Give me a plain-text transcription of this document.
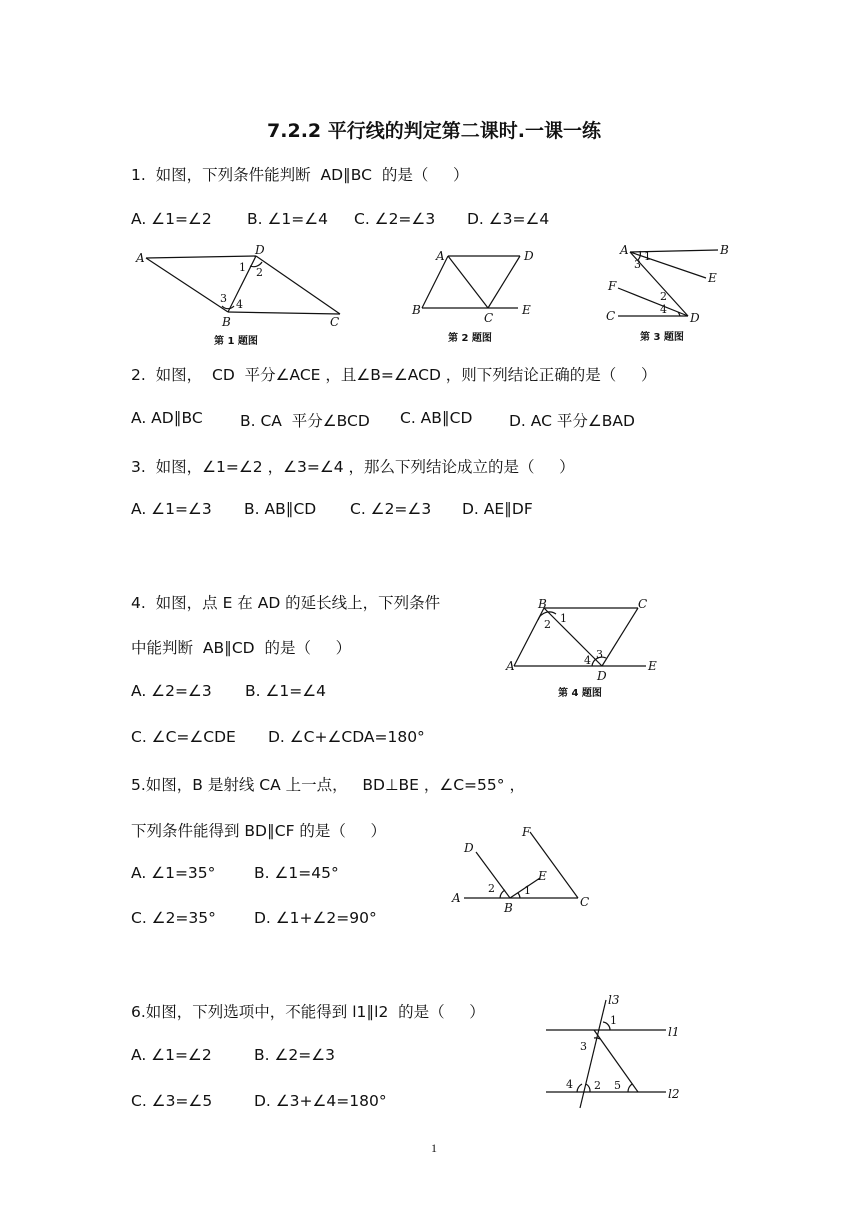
7.2.2 平行线的判定第二课时.一课一练
1.  如图，下列条件能判断  AD∥BC  的是（     ）
A. ∠1=∠2 B. ∠1=∠4 C. ∠2=∠3 D. ∠3=∠4
A
D
B	C
1 2
3 4
第 1 题图
A	D
B
C
E
第 2 题图
A	B
E
F
C	D
1
2
3
4
第 3 题图
2.  如图，  CD  平分∠ACE ，且∠B=∠ACD ，则下列结论正确的是（     ）
A. AD∥BC B. CA  平分∠BCD C. AB∥CD D. AC 平分∠BAD
3.  如图，∠1=∠2 ，∠3=∠4 ，那么下列结论成立的是（     ）
A. ∠1=∠3 B. AB∥CD C. ∠2=∠3 D. AE∥DF
4.  如图，点 E 在 AD 的延长线上，下列条件
中能判断  AB∥CD  的是（     ）
A. ∠2=∠3 B. ∠1=∠4
C. ∠C=∠CDE D. ∠C+∠CDA=180°
B	C
A
D
E
1
2
3
4
第 4 题图
5.如图，B 是射线 CA 上一点，   BD⊥BE ，∠C=55° ，
下列条件能得到 BD∥CF 的是（     ）
A. ∠1=35° B. ∠1=45°
C. ∠2=35° D. ∠1+∠2=90°
F
D
E
A
B	C
1
2
6.如图，下列选项中，不能得到 l1∥l2  的是（     ）
A. ∠1=∠2	B. ∠2=∠3
C. ∠3=∠5	D. ∠3+∠4=180°
l3
l1
l2
1
2
3
4	5
1
